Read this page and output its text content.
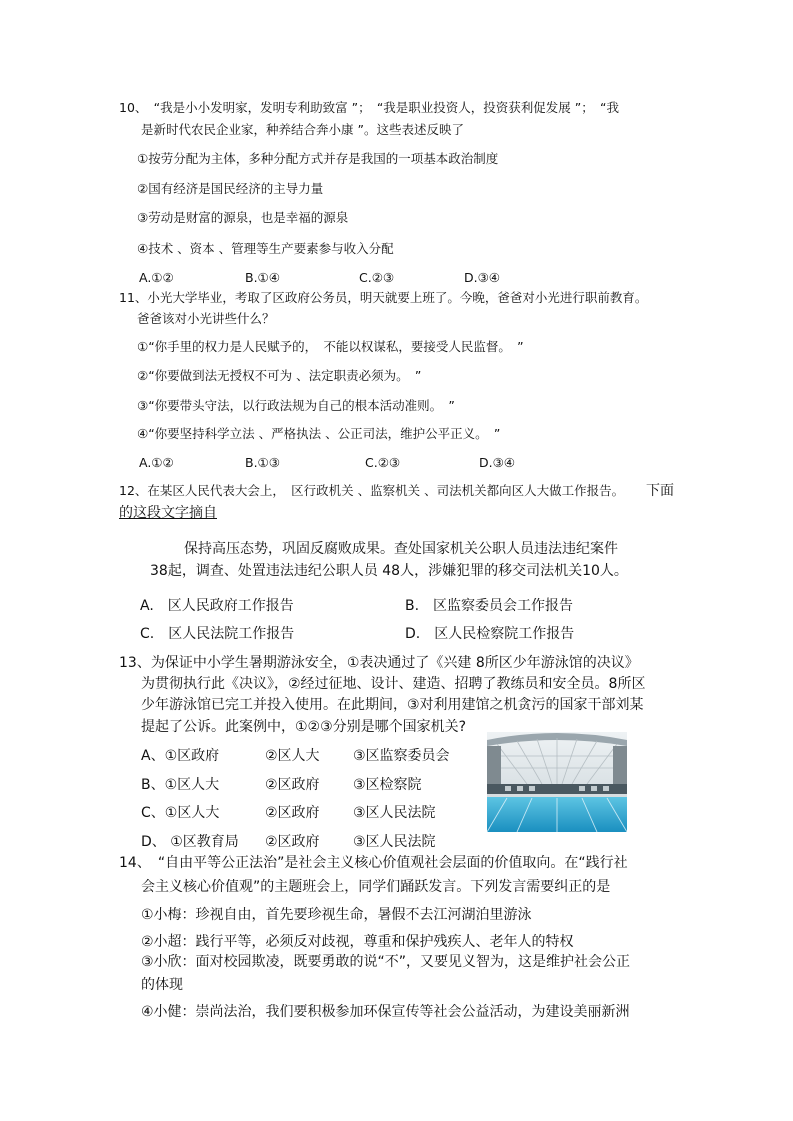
10、　“我是小小发明家，发明专利助致富 ”；　“我是职业投资人，投资获利促发展 ”；　“我
是新时代农民企业家，种养结合奔小康 ”。这些表述反映了
①按劳分配为主体，多种分配方式并存是我国的一项基本政治制度
②国有经济是国民经济的主导力量
③劳动是财富的源泉，也是幸福的源泉
④技术 、资本 、管理等生产要素参与收入分配
A.①②	B.①④	C.②③	D.③④
11、小光大学毕业，考取了区政府公务员，明天就要上班了。今晚，爸爸对小光进行职前教育。
爸爸该对小光讲些什么？
①“你手里的权力是人民赋予的，　不能以权谋私，要接受人民监督。　”
②“你要做到法无授权不可为 、法定职责必须为。　”
③“你要带头守法，以行政法规为自己的根本活动准则。　”
④“你要坚持科学立法 、严格执法 、公正司法，维护公平正义。　”
A.①②	B.①③	C.②③	D.③④
12、在某区人民代表大会上，　区行政机关 、监察机关 、司法机关都向区人大做工作报告。 下面
的这段文字摘自
保持高压态势，巩固反腐败成果。查处国家机关公职人员违法违纪案件
38起，调查、处置违法违纪公职人员 48人，涉嫌犯罪的移交司法机关10人。
A.　区人民政府工作报告	B.　区监察委员会工作报告
C.　区人民法院工作报告	D.　区人民检察院工作报告
13、为保证中小学生暑期游泳安全，①表决通过了《兴建 8所区少年游泳馆的决议》
为贯彻执行此《决议》，②经过征地、设计、建造、招聘了教练员和安全员。8所区
少年游泳馆已完工并投入使用。在此期间，③对利用建馆之机贪污的国家干部刘某
提起了公诉。此案例中，①②③分别是哪个国家机关?
A、①区政府	②区人大 ③区监察委员会
B、①区人大	②区政府 ③区检察院
C、①区人大	②区政府 ③区人民法院
D、 ①区教育局 ②区政府 ③区人民法院
14、　“自由平等公正法治”是社会主义核心价值观社会层面的价值取向。在“践行社
会主义核心价值观”的主题班会上，同学们踊跃发言。下列发言需要纠正的是
①小梅：珍视自由，首先要珍视生命，暑假不去江河湖泊里游泳
②小超：践行平等，必须反对歧视，尊重和保护残疾人、老年人的特权
③小欣：面对校园欺凌，既要勇敢的说“不”，又要见义智为，这是维护社会公正
的体现
④小健：崇尚法治，我们要积极参加环保宣传等社会公益活动，为建设美丽新洲
